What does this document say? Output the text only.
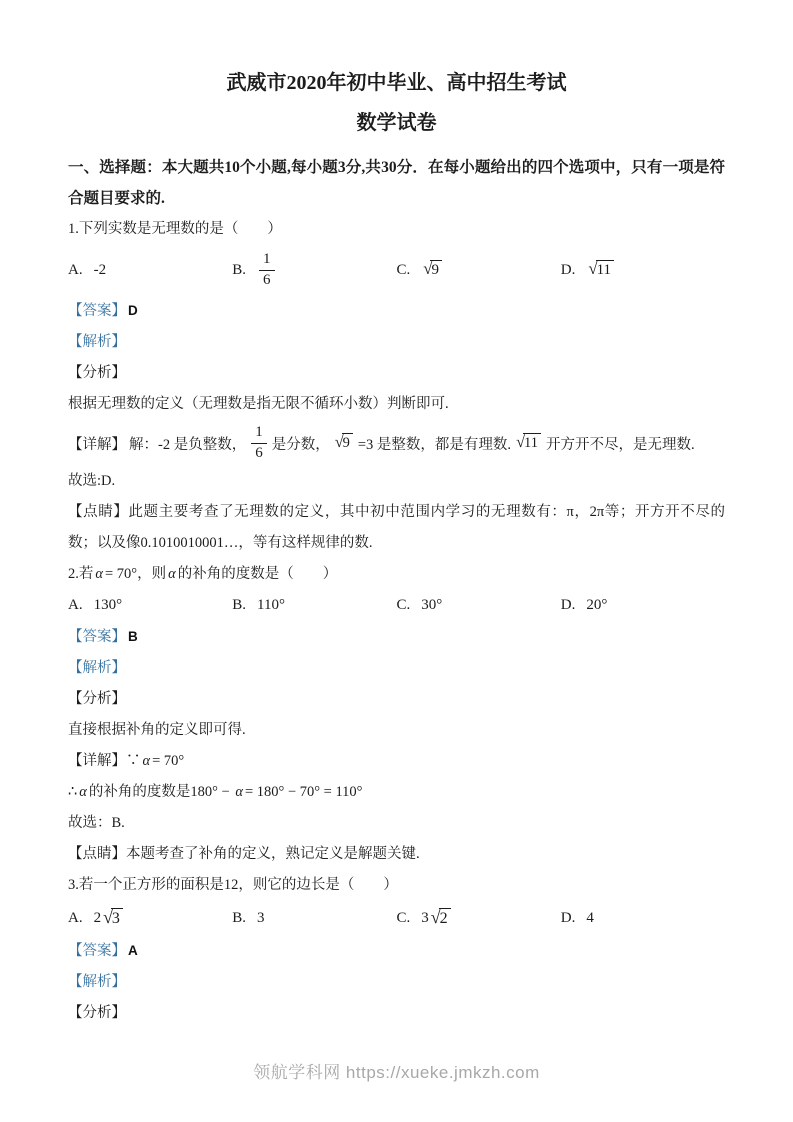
武威市2020年初中毕业、高中招生考试
数学试卷

一、选择题：本大题共10个小题,每小题3分,共30分．在每小题给出的四个选项中，只有一项是符合题目要求的.

1.下列实数是无理数的是（　　）

A. -2	B. $\frac{1}{6}$	C. √9	D. √11

【答案】 D

【解析】

【分析】

根据无理数的定义（无理数是指无限不循环小数）判断即可.

【详解】 解：-2 是负整数， $\frac{1}{6}$ 是分数， √9 =3 是整数，都是有理数. √11 开方开不尽，是无理数.

故选:D.

【点睛】此题主要考查了无理数的定义，其中初中范围内学习的无理数有：π，2π等；开方开不尽的数；以及像0.1010010001…，等有这样规律的数.

2.若 α = 70°，则 α 的补角的度数是（　　）

A. 130°	B. 110°	C. 30°	D. 20°

【答案】 B

【解析】

【分析】

直接根据补角的定义即可得.

【详解】∵ α = 70°

∴ α 的补角的度数是180° − α = 180° − 70° = 110°

故选：B.

【点睛】本题考查了补角的定义，熟记定义是解题关键.

3.若一个正方形的面积是12，则它的边长是（　　）

A. 2 √3	B. 3	C. 3 √2	D. 4

【答案】 A

【解析】

【分析】

领航学科网 https://xueke.jmkzh.com
